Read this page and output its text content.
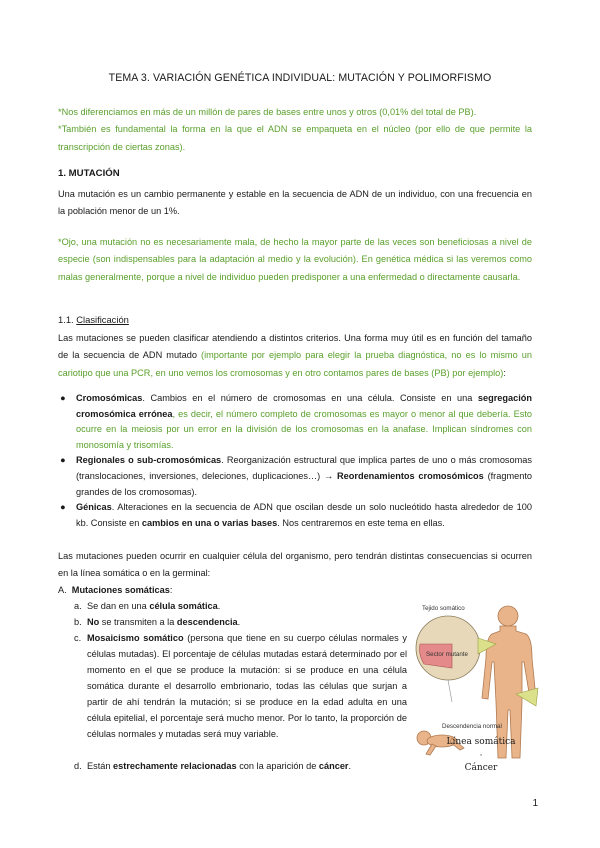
TEMA 3. VARIACIÓN GENÉTICA INDIVIDUAL: MUTACIÓN Y POLIMORFISMO
*Nos diferenciamos en más de un millón de pares de bases entre unos y otros (0,01% del total de PB).
*También es fundamental la forma en la que el ADN se empaqueta en el núcleo (por ello de que permite la transcripción de ciertas zonas).
1. MUTACIÓN
Una mutación es un cambio permanente y estable en la secuencia de ADN de un individuo, con una frecuencia en la población menor de un 1%.
*Ojo, una mutación no es necesariamente mala, de hecho la mayor parte de las veces son beneficiosas a nivel de especie (son indispensables para la adaptación al medio y la evolución). En genética médica si las veremos como malas generalmente, porque a nivel de individuo pueden predisponer a una enfermedad o directamente causarla.
1.1. Clasificación
Las mutaciones se pueden clasificar atendiendo a distintos criterios. Una forma muy útil es en función del tamaño de la secuencia de ADN mutado (importante por ejemplo para elegir la prueba diagnóstica, no es lo mismo un cariotipo que una PCR, en uno vemos los cromosomas y en otro contamos pares de bases (PB) por ejemplo):
● Cromosómicas. Cambios en el número de cromosomas en una célula. Consiste en una segregación cromosómica errónea, es decir, el número completo de cromosomas es mayor o menor al que debería. Esto ocurre en la meiosis por un error en la división de los cromosomas en la anafase. Implican síndromes con monosomía y trisomías.
● Regionales o sub-cromosómicas. Reorganización estructural que implica partes de uno o más cromosomas (translocaciones, inversiones, deleciones, duplicaciones…) → Reordenamientos cromosómicos (fragmento grandes de los cromosomas).
● Génicas. Alteraciones en la secuencia de ADN que oscilan desde un solo nucleótido hasta alrededor de 100 kb. Consiste en cambios en una o varias bases. Nos centraremos en este tema en ellas.
Las mutaciones pueden ocurrir en cualquier célula del organismo, pero tendrán distintas consecuencias si ocurren en la línea somática o en la germinal:
A. Mutaciones somáticas:
a. Se dan en una célula somática.
b. No se transmiten a la descendencia.
c. Mosaicismo somático (persona que tiene en su cuerpo células normales y células mutadas). El porcentaje de células mutadas estará determinado por el momento en el que se produce la mutación: si se produce en una célula somática durante el desarrollo embrionario, todas las células que surjan a partir de ahí tendrán la mutación; si se produce en la edad adulta en una célula epitelial, el porcentaje será mucho menor. Por lo tanto, la proporción de células normales y mutadas será muy variable.
d. Están estrechamente relacionadas con la aparición de cáncer.
Tejido somático
Sector mutante
Descendencia normal
Línea somática
·
Cáncer
1
